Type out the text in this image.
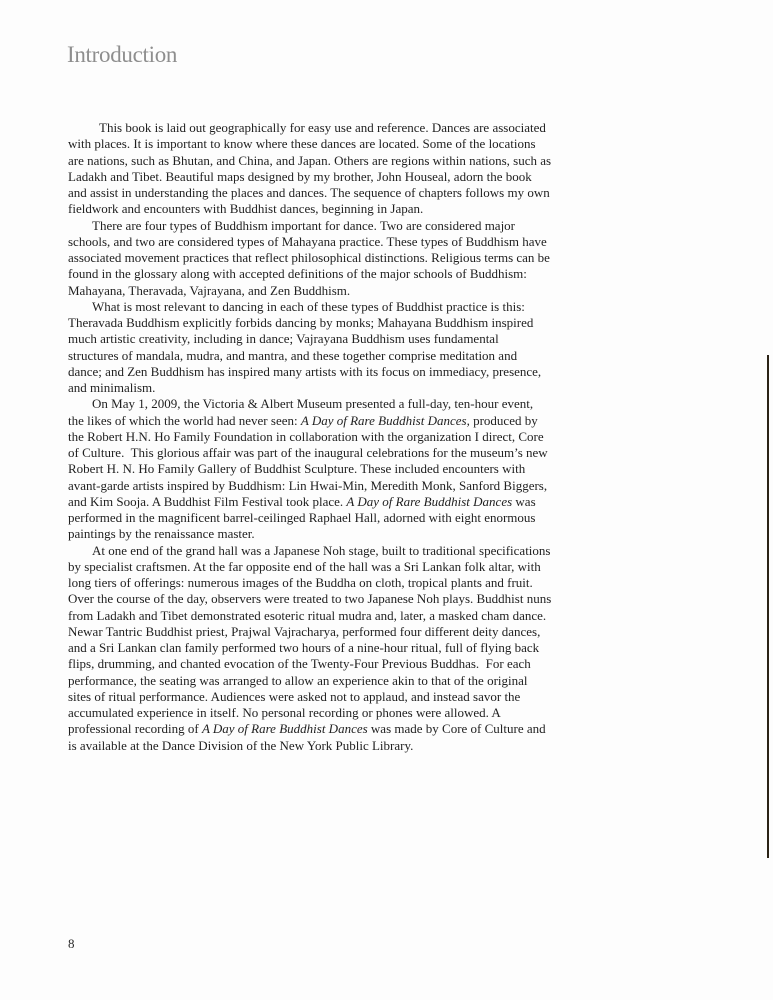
Introduction

This book is laid out geographically for easy use and reference. Dances are associated with places. It is important to know where these dances are located. Some of the locations are nations, such as Bhutan, and China, and Japan. Others are regions within nations, such as Ladakh and Tibet. Beautiful maps designed by my brother, John Houseal, adorn the book and assist in understanding the places and dances. The sequence of chapters follows my own fieldwork and encounters with Buddhist dances, beginning in Japan.

There are four types of Buddhism important for dance. Two are considered major schools, and two are considered types of Mahayana practice. These types of Buddhism have associated movement practices that reflect philosophical distinctions. Religious terms can be found in the glossary along with accepted definitions of the major schools of Buddhism: Mahayana, Theravada, Vajrayana, and Zen Buddhism.

What is most relevant to dancing in each of these types of Buddhist practice is this: Theravada Buddhism explicitly forbids dancing by monks; Mahayana Buddhism inspired much artistic creativity, including in dance; Vajrayana Buddhism uses fundamental structures of mandala, mudra, and mantra, and these together comprise meditation and dance; and Zen Buddhism has inspired many artists with its focus on immediacy, presence, and minimalism.

On May 1, 2009, the Victoria & Albert Museum presented a full-day, ten-hour event, the likes of which the world had never seen: A Day of Rare Buddhist Dances, produced by the Robert H.N. Ho Family Foundation in collaboration with the organization I direct, Core of Culture.  This glorious affair was part of the inaugural celebrations for the museum’s new Robert H. N. Ho Family Gallery of Buddhist Sculpture. These included encounters with avant-garde artists inspired by Buddhism: Lin Hwai-Min, Meredith Monk, Sanford Biggers, and Kim Sooja. A Buddhist Film Festival took place. A Day of Rare Buddhist Dances was performed in the magnificent barrel-ceilinged Raphael Hall, adorned with eight enormous paintings by the renaissance master.

At one end of the grand hall was a Japanese Noh stage, built to traditional specifications by specialist craftsmen. At the far opposite end of the hall was a Sri Lankan folk altar, with long tiers of offerings: numerous images of the Buddha on cloth, tropical plants and fruit. Over the course of the day, observers were treated to two Japanese Noh plays. Buddhist nuns from Ladakh and Tibet demonstrated esoteric ritual mudra and, later, a masked cham dance. Newar Tantric Buddhist priest, Prajwal Vajracharya, performed four different deity dances, and a Sri Lankan clan family performed two hours of a nine-hour ritual, full of flying back flips, drumming, and chanted evocation of the Twenty-Four Previous Buddhas.  For each performance, the seating was arranged to allow an experience akin to that of the original sites of ritual performance. Audiences were asked not to applaud, and instead savor the accumulated experience in itself. No personal recording or phones were allowed. A professional recording of A Day of Rare Buddhist Dances was made by Core of Culture and is available at the Dance Division of the New York Public Library.

8
